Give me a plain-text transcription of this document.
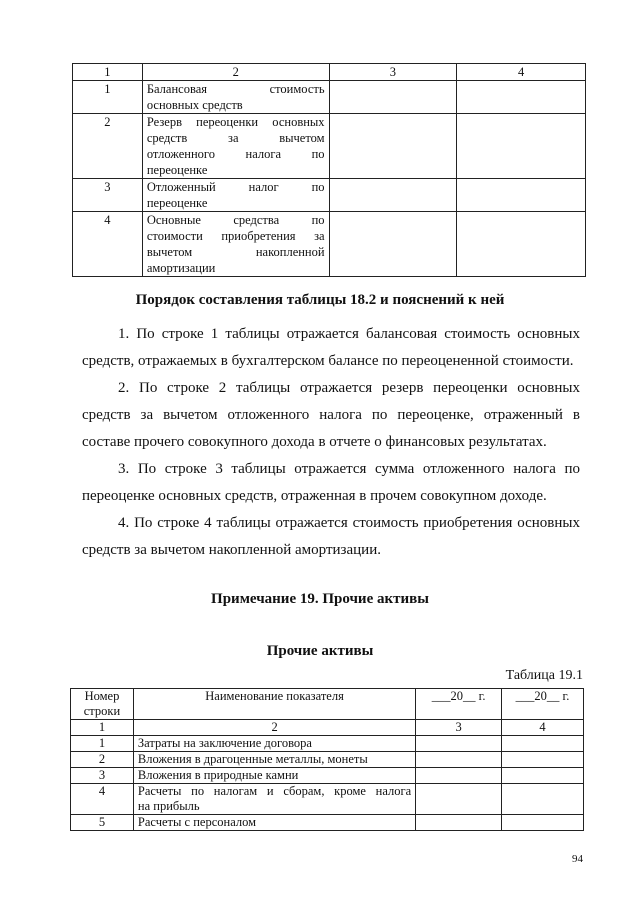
1	2	3	4
1	Балансовая стоимость
основных средств		

2	Резерв переоценки основных
средств за вычетом
отложенного налога по
переоценке		

3	Отложенный налог по
переоценке		

4	Основные средства по
стоимости приобретения за
вычетом накопленной
амортизации		

Порядок составления таблицы 18.2 и пояснений к ней

1. По строке 1 таблицы отражается балансовая стоимость основных средств, отражаемых в бухгалтерском балансе по переоцененной стоимости.

2. По строке 2 таблицы отражается резерв переоценки основных средств за вычетом отложенного налога по переоценке, отраженный в составе прочего совокупного дохода в отчете о финансовых результатах.

3. По строке 3 таблицы отражается сумма отложенного налога по переоценке основных средств, отраженная в прочем совокупном доходе.

4. По строке 4 таблицы отражается стоимость приобретения основных средств за вычетом накопленной амортизации.

Примечание 19. Прочие активы
Прочие активы
Таблица 19.1
Номер
строки	Наименование показателя	___20__ г.	___20__ г.
1	2	3	4
1	Затраты на заключение договора		
2	Вложения в драгоценные металлы, монеты		
3	Вложения в природные камни		
4	Расчеты по налогам и сборам, кроме налога
на прибыль		

5	Расчеты с персоналом		
94
